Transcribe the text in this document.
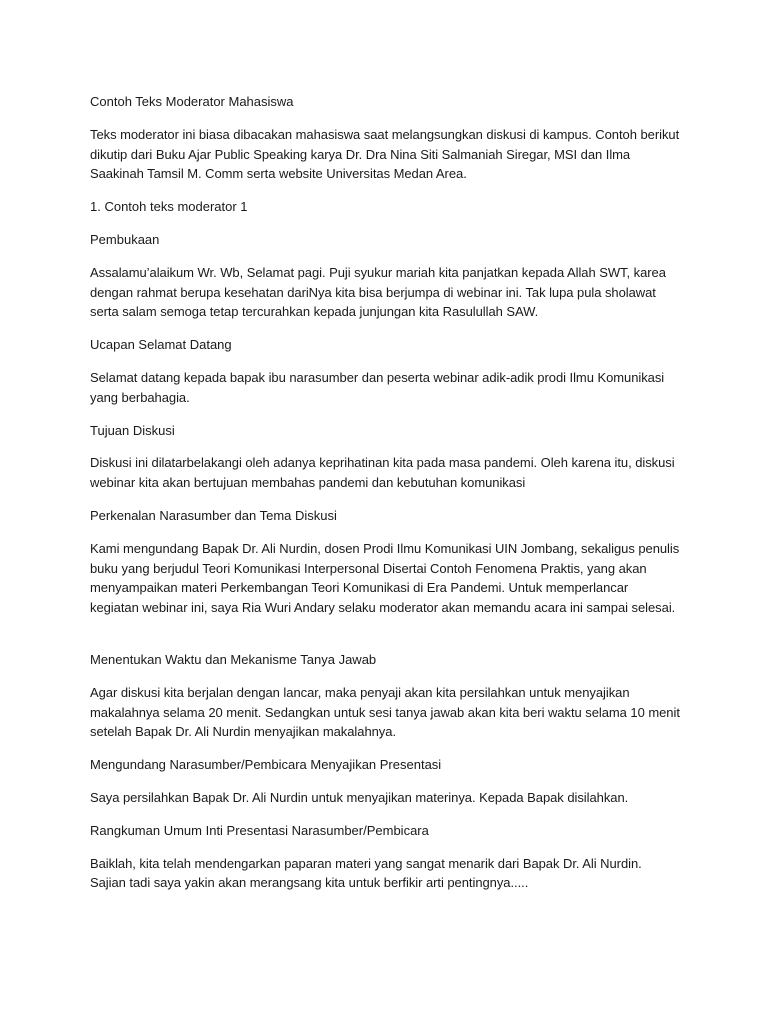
Contoh Teks Moderator Mahasiswa

Teks moderator ini biasa dibacakan mahasiswa saat melangsungkan diskusi di kampus. Contoh berikut dikutip dari Buku Ajar Public Speaking karya Dr. Dra Nina Siti Salmaniah Siregar, MSI dan Ilma Saakinah Tamsil M. Comm serta website Universitas Medan Area.

1. Contoh teks moderator 1

Pembukaan

Assalamu’alaikum Wr. Wb, Selamat pagi. Puji syukur mariah kita panjatkan kepada Allah SWT, karea dengan rahmat berupa kesehatan dariNya kita bisa berjumpa di webinar ini. Tak lupa pula sholawat serta salam semoga tetap tercurahkan kepada junjungan kita Rasulullah SAW.

Ucapan Selamat Datang

Selamat datang kepada bapak ibu narasumber dan peserta webinar adik-adik prodi Ilmu Komunikasi yang berbahagia.

Tujuan Diskusi

Diskusi ini dilatarbelakangi oleh adanya keprihatinan kita pada masa pandemi. Oleh karena itu, diskusi webinar kita akan bertujuan membahas pandemi dan kebutuhan komunikasi

Perkenalan Narasumber dan Tema Diskusi

Kami mengundang Bapak Dr. Ali Nurdin, dosen Prodi Ilmu Komunikasi UIN Jombang, sekaligus penulis buku yang berjudul Teori Komunikasi Interpersonal Disertai Contoh Fenomena Praktis, yang akan menyampaikan materi Perkembangan Teori Komunikasi di Era Pandemi. Untuk memperlancar kegiatan webinar ini, saya Ria Wuri Andary selaku moderator akan memandu acara ini sampai selesai.

Menentukan Waktu dan Mekanisme Tanya Jawab

Agar diskusi kita berjalan dengan lancar, maka penyaji akan kita persilahkan untuk menyajikan makalahnya selama 20 menit. Sedangkan untuk sesi tanya jawab akan kita beri waktu selama 10 menit setelah Bapak Dr. Ali Nurdin menyajikan makalahnya.

Mengundang Narasumber/Pembicara Menyajikan Presentasi

Saya persilahkan Bapak Dr. Ali Nurdin untuk menyajikan materinya. Kepada Bapak disilahkan.

Rangkuman Umum Inti Presentasi Narasumber/Pembicara

Baiklah, kita telah mendengarkan paparan materi yang sangat menarik dari Bapak Dr. Ali Nurdin. Sajian tadi saya yakin akan merangsang kita untuk berfikir arti pentingnya.....
